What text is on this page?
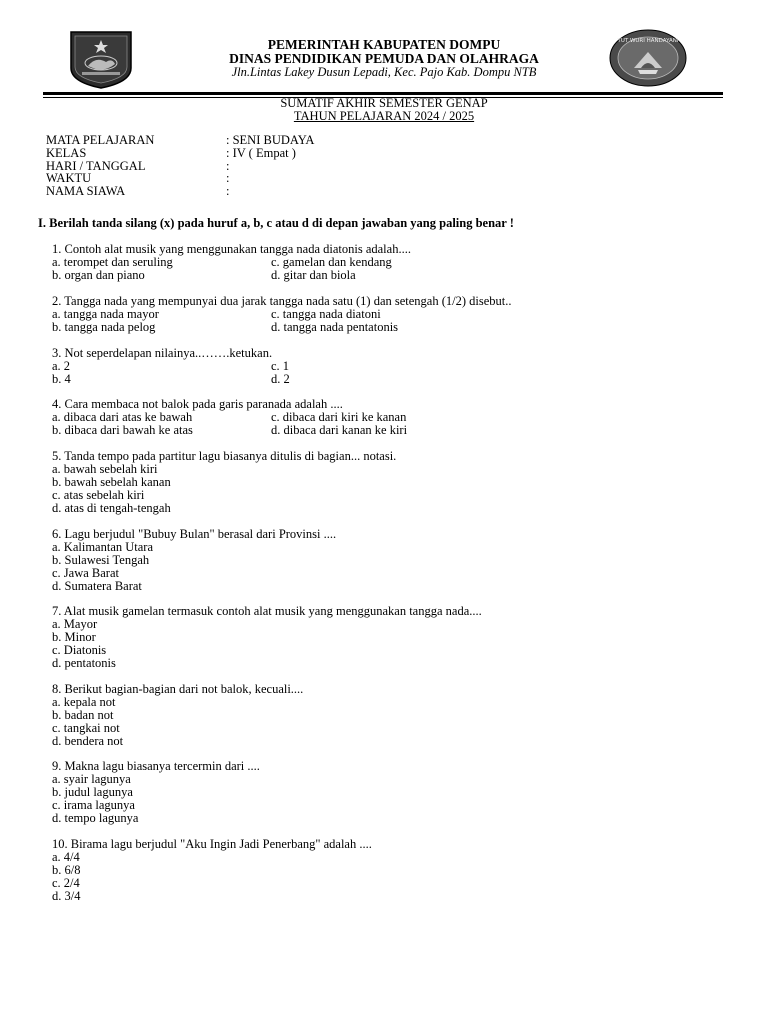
TUT WURI HANDAYANI
PEMERINTAH KABUPATEN DOMPU
DINAS PENDIDIKAN PEMUDA DAN OLAHRAGA
Jln.Lintas Lakey Dusun Lepadi, Kec. Pajo Kab. Dompu NTB
SUMATIF AKHIR SEMESTER GENAP
TAHUN PELAJARAN 2024 / 2025
MATA PELAJARAN	: SENI BUDAYA
KELAS	: IV ( Empat )
HARI / TANGGAL	:
WAKTU	:
NAMA SIAWA	:
I. Berilah tanda silang (x) pada huruf a, b, c atau d di depan jawaban yang paling benar !
1. Contoh alat musik yang menggunakan tangga nada diatonis adalah....
a. terompet dan seruling
b. organ dan piano
c. gamelan dan kendang
d. gitar dan biola
2. Tangga nada yang mempunyai dua jarak tangga nada satu (1) dan setengah (1/2) disebut..
a. tangga nada mayor
b. tangga nada pelog
c. tangga nada diatoni
d. tangga nada pentatonis
3. Not seperdelapan nilainya..…….ketukan.
a. 2
b. 4
c. 1
d. 2
4. Cara membaca not balok pada garis paranada adalah ....
a. dibaca dari atas ke bawah
b. dibaca dari bawah ke atas
c. dibaca dari kiri ke kanan
d. dibaca dari kanan ke kiri
5. Tanda tempo pada partitur lagu biasanya ditulis di bagian... notasi.
a. bawah sebelah kiri
b. bawah sebelah kanan
c. atas sebelah kiri
d. atas di tengah-tengah
6. Lagu berjudul "Bubuy Bulan" berasal dari Provinsi ....
a. Kalimantan Utara
b. Sulawesi Tengah
c. Jawa Barat
d. Sumatera Barat
7. Alat musik gamelan termasuk contoh alat musik yang menggunakan tangga nada....
a. Mayor
b. Minor
c. Diatonis
d. pentatonis
8. Berikut bagian-bagian dari not balok, kecuali....
a. kepala not
b. badan not
c. tangkai not
d. bendera not
9. Makna lagu biasanya tercermin dari ....
a. syair lagunya
b. judul lagunya
c. irama lagunya
d. tempo lagunya
10. Birama lagu berjudul "Aku Ingin Jadi Penerbang" adalah ....
a. 4/4
b. 6/8
c. 2/4
d. 3/4
